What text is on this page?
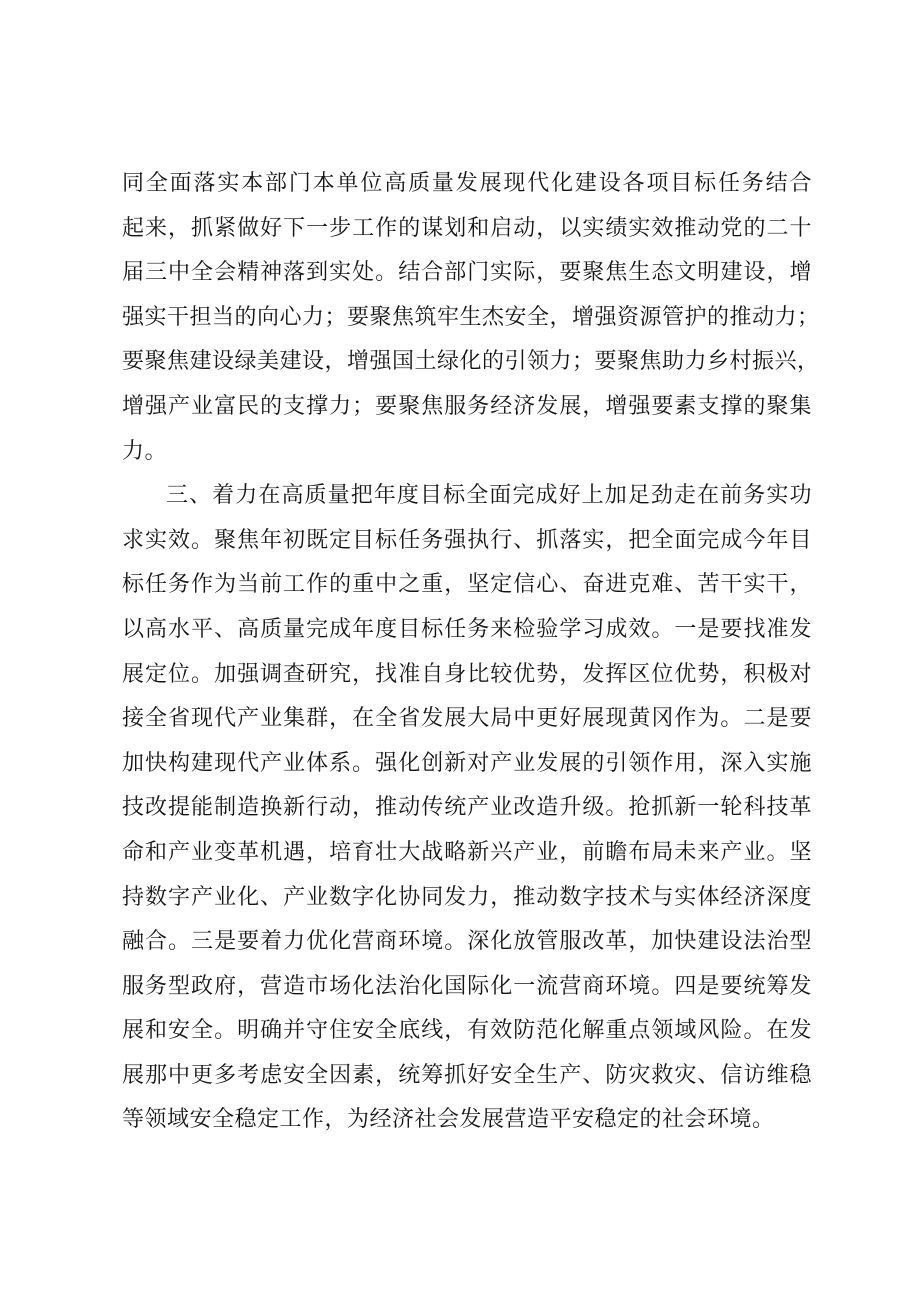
同全面落实本部门本单位高质量发展现代化建设各项目标任务结合
起来，抓紧做好下一步工作的谋划和启动，以实绩实效推动党的二十
届三中全会精神落到实处。结合部门实际，要聚焦生态文明建设，增
强实干担当的向心力；要聚焦筑牢生杰安全，增强资源管护的推动力；
要聚焦建设绿美建设，增强国土绿化的引领力；要聚焦助力乡村振兴，
增强产业富民的支撑力；要聚焦服务经济发展，增强要素支撑的聚集
力。
三、着力在高质量把年度目标全面完成好上加足劲走在前务实功
求实效。聚焦年初既定目标任务强执行、抓落实，把全面完成今年目
标任务作为当前工作的重中之重，坚定信心、奋进克难、苦干实干，
以高水平、高质量完成年度目标任务来检验学习成效。一是要找准发
展定位。加强调查研究，找准自身比较优势，发挥区位优势，积极对
接全省现代产业集群，在全省发展大局中更好展现黄冈作为。二是要
加快构建现代产业体系。强化创新对产业发展的引领作用，深入实施
技改提能制造换新行动，推动传统产业改造升级。抢抓新一轮科技革
命和产业变革机遇，培育壮大战略新兴产业，前瞻布局未来产业。坚
持数字产业化、产业数字化协同发力，推动数字技术与实体经济深度
融合。三是要着力优化营商环境。深化放管服改革，加快建设法治型
服务型政府，营造市场化法治化国际化一流营商环境。四是要统筹发
展和安全。明确并守住安全底线，有效防范化解重点领域风险。在发
展那中更多考虑安全因素，统筹抓好安全生产、防灾救灾、信访维稳
等领域安全稳定工作，为经济社会发展营造平安稳定的社会环境。
